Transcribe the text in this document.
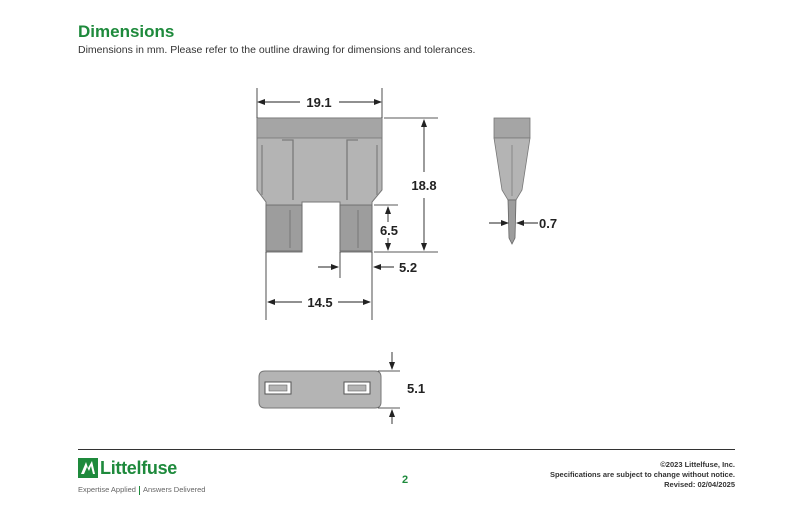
Dimensions
Dimensions in mm. Please refer to the outline drawing for dimensions and tolerances.
19.1
18.8
6.5
5.2
14.5
0.7
5.1
Littelfuse
Expertise Applied Answers Delivered
2
©2023 Littelfuse, Inc.
Specifications are subject to change without notice.
Revised: 02/04/2025
